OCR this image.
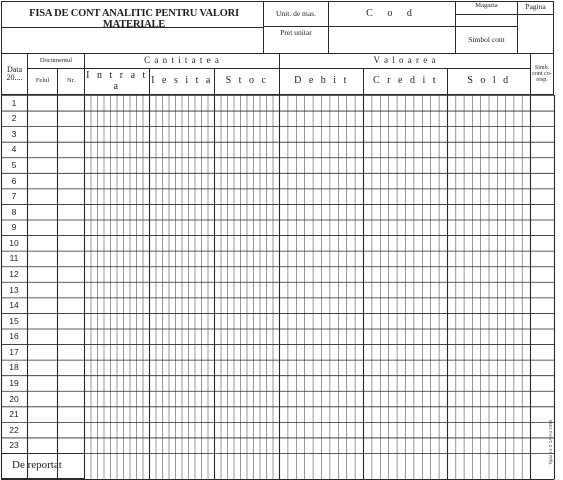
FISA DE CONT ANALITIC PENTRU VALORI MATERIALE
Unit. de mas.
Pret unitar
C o d
Magazia
Simbol cont
Pagina
Data 20....
Documentul
Felul	Nr.
C a n t i t a t e a
I n t r a t a	I e s i t a	S t o c
V a l o a r e a
D e b i t	C r e d i t	S o l d
Simb. cont co- resp.
1
2
3
4
5
6
7
8
9
10
11
12
13
14
15
16
17
18
19
20
21
22
23
De reportat
Tipar 14-3-2A/A4 1995
